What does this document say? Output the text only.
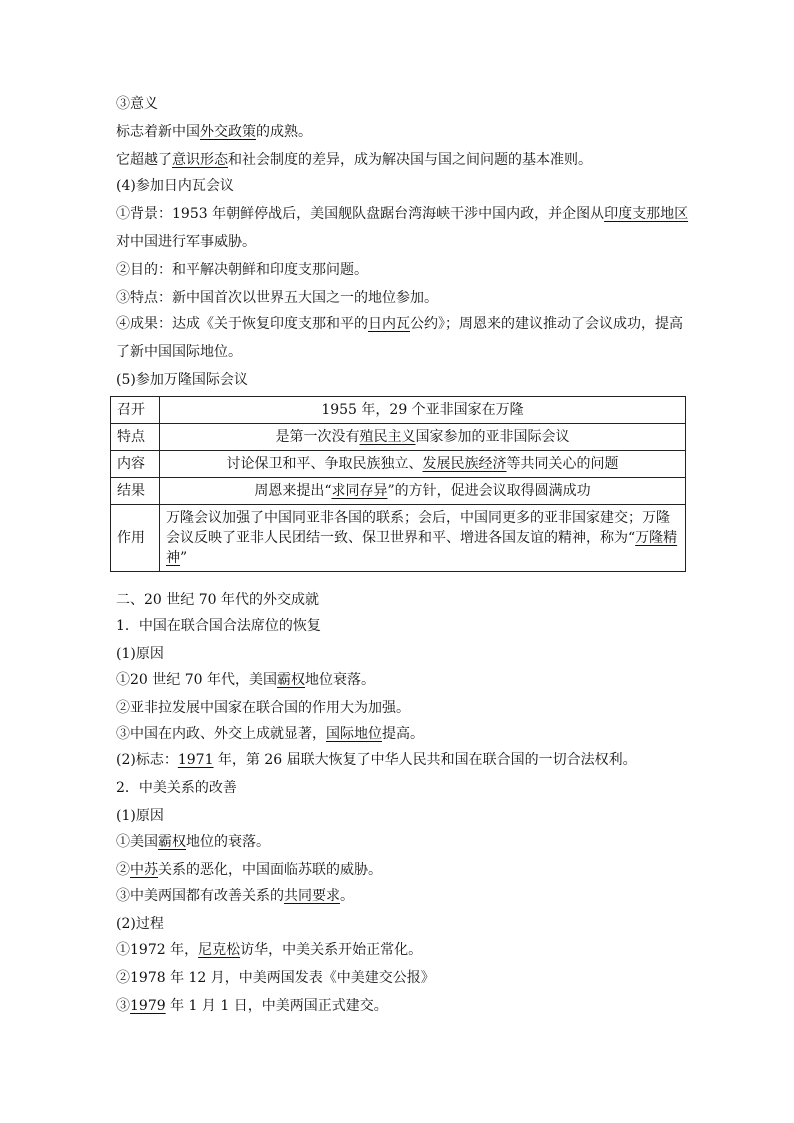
③意义
标志着新中国外交政策的成熟。
它超越了意识形态和社会制度的差异，成为解决国与国之间问题的基本准则。
(4)参加日内瓦会议
①背景：1953 年朝鲜停战后，美国舰队盘踞台湾海峡干涉中国内政，并企图从印度支那地区
对中国进行军事威胁。
②目的：和平解决朝鲜和印度支那问题。
③特点：新中国首次以世界五大国之一的地位参加。
④成果：达成《关于恢复印度支那和平的日内瓦公约》；周恩来的建议推动了会议成功，提高
了新中国国际地位。
(5)参加万隆国际会议
召开	1955 年，29 个亚非国家在万隆
特点	是第一次没有殖民主义国家参加的亚非国际会议
内容	讨论保卫和平、争取民族独立、发展民族经济等共同关心的问题
结果	周恩来提出“求同存异”的方针，促进会议取得圆满成功
作用	万隆会议加强了中国同亚非各国的联系；会后，中国同更多的亚非国家建交；万隆会议反映了亚非人民团结一致、保卫世界和平、增进各国友谊的精神，称为“万隆精神”
二、20 世纪 70 年代的外交成就
1．中国在联合国合法席位的恢复
(1)原因
①20 世纪 70 年代，美国霸权地位衰落。
②亚非拉发展中国家在联合国的作用大为加强。
③中国在内政、外交上成就显著，国际地位提高。
(2)标志：1971 年，第 26 届联大恢复了中华人民共和国在联合国的一切合法权利。
2．中美关系的改善
(1)原因
①美国霸权地位的衰落。
②中苏关系的恶化，中国面临苏联的威胁。
③中美两国都有改善关系的共同要求。
(2)过程
①1972 年，尼克松访华，中美关系开始正常化。
②1978 年 12 月，中美两国发表《中美建交公报》
③1979 年 1 月 1 日，中美两国正式建交。
